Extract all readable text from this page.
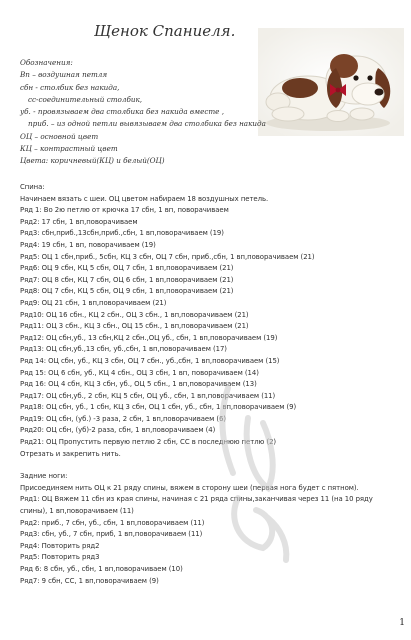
Щенок Спаниеля.
Обозначения:
Вп – воздушная петля
сбн - столбик без накида,
сс-соединительный столбик,
уб. - провязываем два столбика без накида вместе ,
приб. – из одной петли вывязываем два столбика без накида
ОЦ – основной цвет
КЦ – контрастный цвет
Цвета: коричневый(КЦ) и белый(ОЦ)
Спина:
Начинаем вязать с шеи. ОЦ цветом набираем 18 воздушных петель.
Ряд 1: Во 2ю петлю от крючка 17 сбн, 1 вп, поворачиваем
Ряд2: 17 сбн, 1 вп,поворачиваем
Ряд3: сбн,приб.,13сбн,приб.,сбн, 1 вп,поворачиваем (19)
Ряд4: 19 сбн, 1 вп, поворачиваем (19)
Ряд5: ОЦ 1 сбн,приб., 5сбн, КЦ 3 сбн, ОЦ 7 сбн, приб.,сбн, 1 вп,поворачиваем (21)
Ряд6: ОЦ 9 сбн, КЦ 5 сбн, ОЦ 7 сбн, 1 вп,поворачиваем (21)
Ряд7: ОЦ 8 сбн, КЦ 7 сбн, ОЦ 6 сбн, 1 вп,поворачиваем (21)
Ряд8: ОЦ 7 сбн, КЦ 5 сбн, ОЦ 9 сбн, 1 вп,поворачиваем (21)
Ряд9: ОЦ 21 сбн, 1 вп,поворачиваем (21)
Ряд10: ОЦ 16 сбн., КЦ 2 сбн., ОЦ 3 сбн., 1 вп,поворачиваем (21)
Ряд11: ОЦ 3 сбн., КЦ 3 сбн., ОЦ 15 сбн., 1 вп,поворачиваем (21)
Ряд12: ОЦ сбн,уб., 13 сбн,КЦ 2 сбн.,ОЦ уб., сбн, 1 вп,поворачиваем (19)
Ряд13: ОЦ сбн,уб.,13 сбн, уб.,сбн, 1 вп,поворачиваем (17)
Ряд 14: ОЦ сбн, уб., КЦ 3 сбн, ОЦ 7 сбн., уб.,сбн, 1 вп,поворачиваем (15)
Ряд 15: ОЦ 6 сбн, уб., КЦ 4 сбн., ОЦ 3 сбн, 1 вп, поворачиваем (14)
Ряд 16: ОЦ 4 сбн, КЦ 3 сбн, уб., ОЦ 5 сбн., 1 вп,поворачиваем (13)
Ряд17: ОЦ сбн,уб., 2 сбн, КЦ 5 сбн, ОЦ уб., сбн, 1 вп,поворачиваем (11)
Ряд18: ОЦ сбн, уб., 1 сбн, КЦ 3 сбн, ОЦ 1 сбн, уб., сбн, 1 вп,поворачиваем (9)
Ряд19: ОЦ сбн, (уб.) -3 раза, 2 сбн, 1 вп,поворачиваем (6)
Ряд20: ОЦ сбн, (уб)-2 раза, сбн, 1 вп,поворачиваем (4)
Ряд21: ОЦ Пропустить первую петлю 2 сбн, СС в последнюю петлю (2)
Отрезать и закрепить нить.
Задние ноги:
Присоединяем нить ОЦ к 21 ряду спины, вяжем в сторону шеи (первая нога будет с пятном).
Ряд1: ОЦ Вяжем 11 сбн из края спины, начиная с 21 ряда спины,заканчивая через 11 (на 10 ряду
спины), 1 вп,поворачиваем (11)
Ряд2: приб., 7 сбн, уб., сбн, 1 вп,поворачиваем (11)
Ряд3: сбн, уб., 7 сбн, приб, 1 вп,поворачиваем (11)
Ряд4: Повторить ряд2
Ряд5: Повторить ряд3
Ряд 6: 8 сбн, уб., сбн, 1 вп,поворачиваем (10)
Ряд7: 9 сбн, СС, 1 вп,поворачиваем (9)
1
